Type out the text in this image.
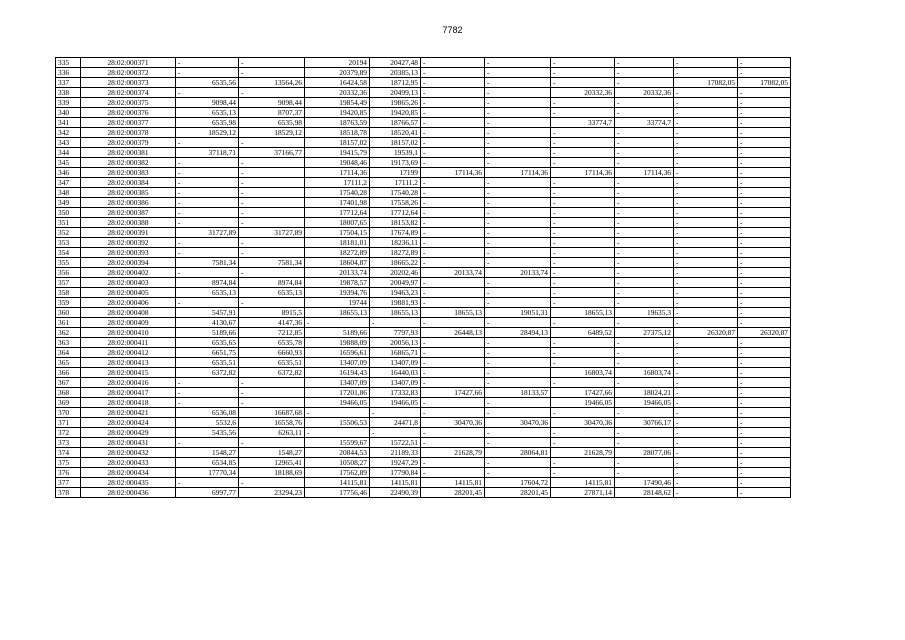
7782
335	28:02:000371	-	-	20194	20427,48	-	-	-	-	-	-
336	28:02:000372	-	-	20379,89	20385,13	-	-	-	-	-	-
337	28:02:000373	6535,56	13564,26	16424,58	18712,95	-	-	-	-	17082,05	17082,05
338	28:02:000374	-	-	20332,36	20499,13	-	-	20332,36	20332,36	-	-
339	28:02:000375	9098,44	9098,44	19854,49	19865,26	-	-	-	-	-	-
340	28:02:000376	6535,13	8707,37	19420,85	19420,85	-	-	-	-	-	-
341	28:02:000377	6535,98	6535,98	18763,59	18766,57	-	-	33774,7	33774,7	-	-
342	28:02:000378	18529,12	18529,12	18518,78	18520,41	-	-	-	-	-	-
343	28:02:000379	-	-	18157,02	18157,02	-	-	-	-	-	-
344	28:02:000381	37118,71	37166,77	19415,79	19539,1	-	-	-	-	-	-
345	28:02:000382	-	-	19048,46	19173,69	-	-	-	-	-	-
346	28:02:000383	-	-	17114,36	17199	17114,36	17114,36	17114,36	17114,36	-	-
347	28:02:000384	-	-	17111,2	17111,2	-	-	-	-	-	-
348	28:02:000385	-	-	17540,28	17540,28	-	-	-	-	-	-
349	28:02:000386	-	-	17401,98	17558,26	-	-	-	-	-	-
350	28:02:000387	-	-	17712,64	17712,64	-	-	-	-	-	-
351	28:02:000388	-	-	18007,65	18153,82	-	-	-	-	-	-
352	28:02:000391	31727,89	31727,89	17504,15	17674,89	-	-	-	-	-	-
353	28:02:000392	-	-	18181,01	18236,11	-	-	-	-	-	-
354	28:02:000393	-	-	18272,89	18272,89	-	-	-	-	-	-
355	28:02:000394	7581,34	7581,34	18604,87	18665,22	-	-	-	-	-	-
356	28:02:000402	-	-	20133,74	20202,46	20133,74	20133,74	-	-	-	-
357	28:02:000403	8974,84	8974,84	19878,57	20049,97	-	-	-	-	-	-
358	28:02:000405	6535,13	6535,13	19394,76	19463,23	-	-	-	-	-	-
359	28:02:000406	-	-	19744	19881,93	-	-	-	-	-	-
360	28:02:000408	5457,91	8915,5	18655,13	18655,13	18655,13	19051,31	18655,13	19635,3	-	-
361	28:02:000409	4130,67	4147,36	-	-	-	-	-	-	-	-
362	28:02:000410	5189,66	7212,85	5189,66	7797,93	26448,13	28494,13	6489,52	27375,12	26320,87	26320,87
363	28:02:000411	6535,65	6535,78	19888,09	20056,13	-	-	-	-	-	-
364	28:02:000412	6651,75	6660,93	16596,61	16865,71	-	-	-	-	-	-
365	28:02:000413	6535,51	6535,51	13407,09	13407,09	-	-	-	-	-	-
366	28:02:000415	6372,82	6372,82	16194,43	16440,03	-	-	16803,74	16803,74	-	-
367	28:02:000416	-	-	13407,09	13407,09	-	-	-	-	-	-
368	28:02:000417	-	-	17201,86	17332,83	17427,66	18133,57	17427,66	18024,21	-	-
369	28:02:000418	-	-	19466,05	19466,05	-	-	19466,05	19466,05	-	-
370	28:02:000421	6536,08	16687,68	-	-	-	-	-	-	-	-
371	28:02:000424	5532,6	16558,76	15506,53	24471,8	30470,36	30470,36	30470,36	30766,17	-	-
372	28:02:000429	5435,56	6263,11	-	-	-	-	-	-	-	-
373	28:02:000431	-	-	15599,67	15722,51	-	-	-	-	-	-
374	28:02:000432	1548,27	1548,27	20844,53	21189,33	21628,79	28064,81	21628,79	28077,06	-	-
375	28:02:000433	6534,85	12965,41	10508,27	19247,29	-	-	-	-	-	-
376	28:02:000434	17770,34	18188,69	17562,89	17790,84	-	-	-	-	-	-
377	28:02:000435	-	-	14115,81	14115,81	14115,81	17604,72	14115,81	17490,46	-	-
378	28:02:000436	6997,77	23294,23	17756,46	22490,39	28201,45	28201,45	27871,14	28148,62	-	-
